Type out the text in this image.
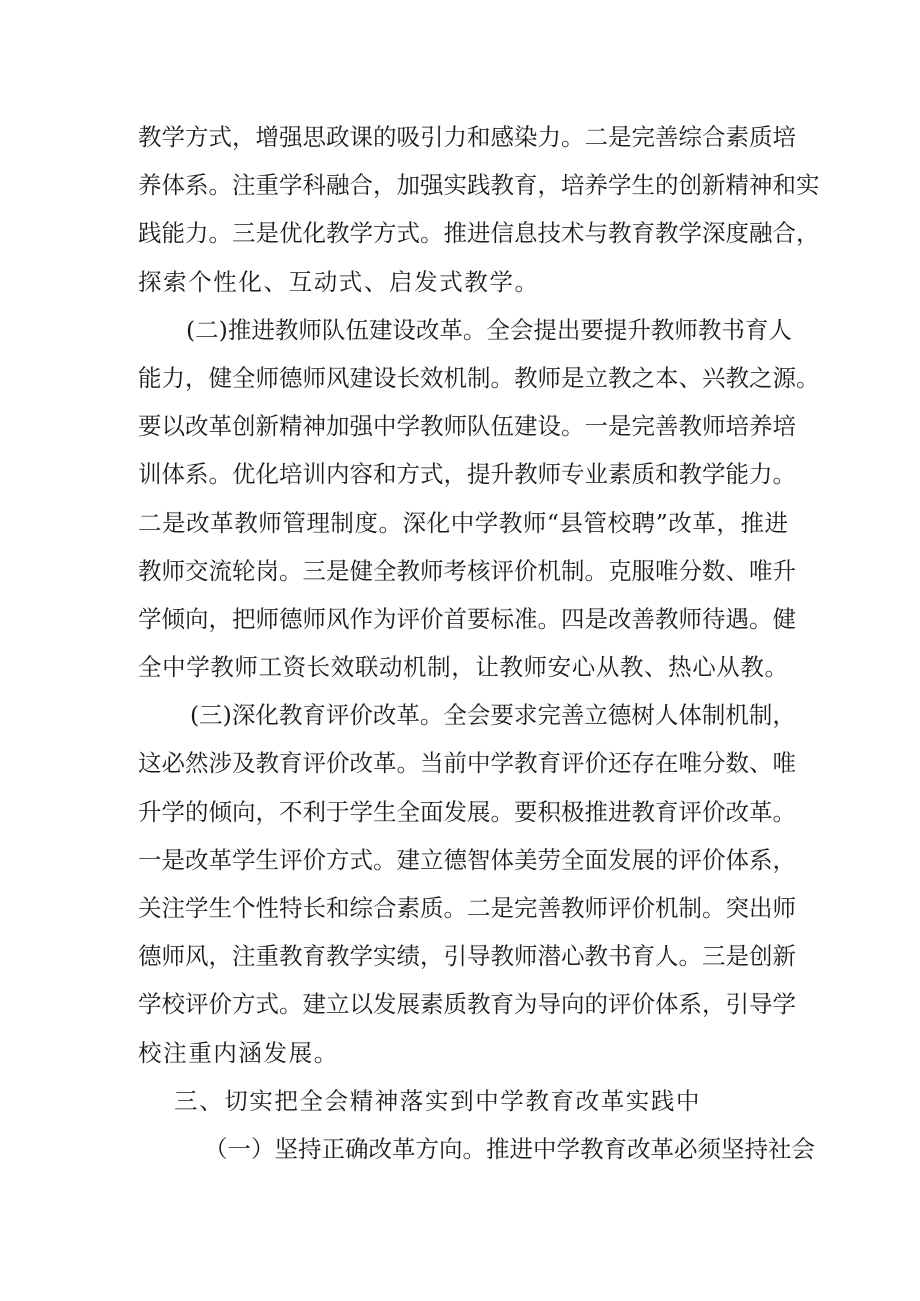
教学方式，增强思政课的吸引力和感染力。二是完善综合素质培
养体系。注重学科融合，加强实践教育，培养学生的创新精神和实
践能力。三是优化教学方式。推进信息技术与教育教学深度融合，
探索个性化、互动式、启发式教学。
(二)推进教师队伍建设改革。全会提出要提升教师教书育人
能力，健全师德师风建设长效机制。教师是立教之本、兴教之源。
要以改革创新精神加强中学教师队伍建设。一是完善教师培养培
训体系。优化培训内容和方式，提升教师专业素质和教学能力。
二是改革教师管理制度。深化中学教师“县管校聘”改革，推进
教师交流轮岗。三是健全教师考核评价机制。克服唯分数、唯升
学倾向，把师德师风作为评价首要标准。四是改善教师待遇。健
全中学教师工资长效联动机制，让教师安心从教、热心从教。
(三)深化教育评价改革。全会要求完善立德树人体制机制，
这必然涉及教育评价改革。当前中学教育评价还存在唯分数、唯
升学的倾向，不利于学生全面发展。要积极推进教育评价改革。
一是改革学生评价方式。建立德智体美劳全面发展的评价体系，
关注学生个性特长和综合素质。二是完善教师评价机制。突出师
德师风，注重教育教学实绩，引导教师潜心教书育人。三是创新
学校评价方式。建立以发展素质教育为导向的评价体系，引导学
校注重内涵发展。
三、切实把全会精神落实到中学教育改革实践中
（一）坚持正确改革方向。推进中学教育改革必须坚持社会
